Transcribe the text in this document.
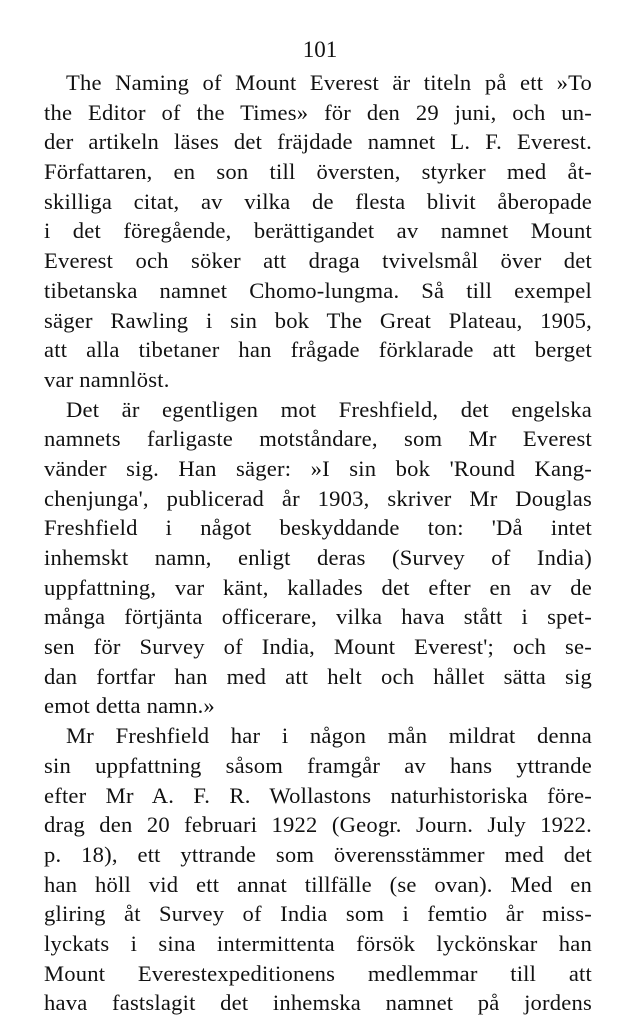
101
The Naming of Mount Everest är titeln på ett »To
the Editor of the Times» för den 29 juni, och un-
der artikeln läses det fräjdade namnet L. F. Everest.
Författaren, en son till översten, styrker med åt-
skilliga citat, av vilka de flesta blivit åberopade
i det föregående, berättigandet av namnet Mount
Everest och söker att draga tvivelsmål över det
tibetanska namnet Chomo-lungma. Så till exempel
säger Rawling i sin bok The Great Plateau, 1905,
att alla tibetaner han frågade förklarade att berget
var namnlöst.
Det är egentligen mot Freshfield, det engelska
namnets farligaste motståndare, som Mr Everest
vänder sig. Han säger: »I sin bok 'Round Kang-
chenjunga', publicerad år 1903, skriver Mr Douglas
Freshfield i något beskyddande ton: 'Då intet
inhemskt namn, enligt deras (Survey of India)
uppfattning, var känt, kallades det efter en av de
många förtjänta officerare, vilka hava stått i spet-
sen för Survey of India, Mount Everest'; och se-
dan fortfar han med att helt och hållet sätta sig
emot detta namn.»
Mr Freshfield har i någon mån mildrat denna
sin uppfattning såsom framgår av hans yttrande
efter Mr A. F. R. Wollastons naturhistoriska före-
drag den 20 februari 1922 (Geogr. Journ. July 1922.
p. 18), ett yttrande som överensstämmer med det
han höll vid ett annat tillfälle (se ovan). Med en
gliring åt Survey of India som i femtio år miss-
lyckats i sina intermittenta försök lyckönskar han
Mount Everestexpeditionens medlemmar till att
hava fastslagit det inhemska namnet på jordens
